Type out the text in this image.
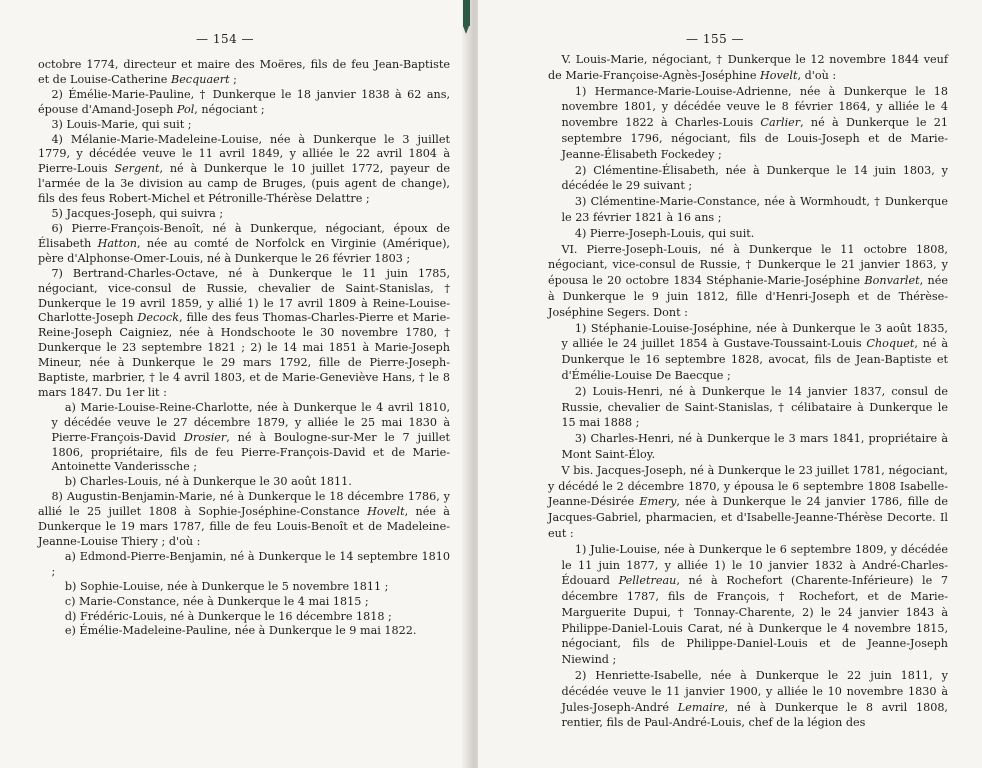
— 154 —

octobre 1774, directeur et maire des Moëres, fils de feu Jean-Baptiste et de Louise-Catherine Becquaert ;

2) Émélie-Marie-Pauline, † Dunkerque le 18 janvier 1838 à 62 ans, épouse d'Amand-Joseph Pol, négociant ;

3) Louis-Marie, qui suit ;

4) Mélanie-Marie-Madeleine-Louise, née à Dunkerque le 3 juillet 1779, y décédée veuve le 11 avril 1849, y alliée le 22 avril 1804 à Pierre-Louis Sergent, né à Dunkerque le 10 juillet 1772, payeur de l'armée de la 3e division au camp de Bruges, (puis agent de change), fils des feus Robert-Michel et Pétronille-Thérèse Delattre ;

5) Jacques-Joseph, qui suivra ;

6) Pierre-François-Benoît, né à Dunkerque, négociant, époux de Élisabeth Hatton, née au comté de Norfolck en Virginie (Amérique), père d'Alphonse-Omer-Louis, né à Dunkerque le 26 février 1803 ;

7) Bertrand-Charles-Octave, né à Dunkerque le 11 juin 1785, négociant, vice-consul de Russie, chevalier de Saint-Stanislas, † Dunkerque le 19 avril 1859, y allié 1) le 17 avril 1809 à Reine-Louise-Charlotte-Joseph Decock, fille des feus Thomas-Charles-Pierre et Marie-Reine-Joseph Caigniez, née à Hondschoote le 30 novembre 1780, † Dunkerque le 23 septembre 1821 ; 2) le 14 mai 1851 à Marie-Joseph Mineur, née à Dunkerque le 29 mars 1792, fille de Pierre-Joseph-Baptiste, marbrier, † le 4 avril 1803, et de Marie-Geneviève Hans, † le 8 mars 1847. Du 1er lit :

a) Marie-Louise-Reine-Charlotte, née à Dunkerque le 4 avril 1810, y décédée veuve le 27 décembre 1879, y alliée le 25 mai 1830 à Pierre-François-David Drosier, né à Boulogne-sur-Mer le 7 juillet 1806, propriétaire, fils de feu Pierre-François-David et de Marie-Antoinette Vanderissche ;

b) Charles-Louis, né à Dunkerque le 30 août 1811.

8) Augustin-Benjamin-Marie, né à Dunkerque le 18 décembre 1786, y allié le 25 juillet 1808 à Sophie-Joséphine-Constance Hovelt, née à Dunkerque le 19 mars 1787, fille de feu Louis-Benoît et de Madeleine-Jeanne-Louise Thiery ; d'où :

a) Edmond-Pierre-Benjamin, né à Dunkerque le 14 septembre 1810 ;

b) Sophie-Louise, née à Dunkerque le 5 novembre 1811 ;

c) Marie-Constance, née à Dunkerque le 4 mai 1815 ;

d) Frédéric-Louis, né à Dunkerque le 16 décembre 1818 ;

e) Émélie-Madeleine-Pauline, née à Dunkerque le 9 mai 1822.

— 155 —

V. Louis-Marie, négociant, † Dunkerque le 12 novembre 1844 veuf de Marie-Françoise-Agnès-Joséphine Hovelt, d'où :

1) Hermance-Marie-Louise-Adrienne, née à Dunkerque le 18 novembre 1801, y décédée veuve le 8 février 1864, y alliée le 4 novembre 1822 à Charles-Louis Carlier, né à Dunkerque le 21 septembre 1796, négociant, fils de Louis-Joseph et de Marie-Jeanne-Élisabeth Fockedey ;

2) Clémentine-Élisabeth, née à Dunkerque le 14 juin 1803, y décédée le 29 suivant ;

3) Clémentine-Marie-Constance, née à Wormhoudt, † Dunkerque le 23 février 1821 à 16 ans ;

4) Pierre-Joseph-Louis, qui suit.

VI. Pierre-Joseph-Louis, né à Dunkerque le 11 octobre 1808, négociant, vice-consul de Russie, † Dunkerque le 21 janvier 1863, y épousa le 20 octobre 1834 Stéphanie-Marie-Joséphine Bonvarlet, née à Dunkerque le 9 juin 1812, fille d'Henri-Joseph et de Thérèse-Joséphine Segers. Dont :

1) Stéphanie-Louise-Joséphine, née à Dunkerque le 3 août 1835, y alliée le 24 juillet 1854 à Gustave-Toussaint-Louis Choquet, né à Dunkerque le 16 septembre 1828, avocat, fils de Jean-Baptiste et d'Émélie-Louise De Baecque ;

2) Louis-Henri, né à Dunkerque le 14 janvier 1837, consul de Russie, chevalier de Saint-Stanislas, † célibataire à Dunkerque le 15 mai 1888 ;

3) Charles-Henri, né à Dunkerque le 3 mars 1841, propriétaire à Mont Saint-Éloy.

V bis. Jacques-Joseph, né à Dunkerque le 23 juillet 1781, négociant, y décédé le 2 décembre 1870, y épousa le 6 septembre 1808 Isabelle-Jeanne-Désirée Emery, née à Dunkerque le 24 janvier 1786, fille de Jacques-Gabriel, pharmacien, et d'Isabelle-Jeanne-Thérèse Decorte. Il eut :

1) Julie-Louise, née à Dunkerque le 6 septembre 1809, y décédée le 11 juin 1877, y alliée 1) le 10 janvier 1832 à André-Charles-Édouard Pelletreau, né à Rochefort (Charente-Inférieure) le 7 décembre 1787, fils de François, † Rochefort, et de Marie-Marguerite Dupui, † Tonnay-Charente, 2) le 24 janvier 1843 à Philippe-Daniel-Louis Carat, né à Dunkerque le 4 novembre 1815, négociant, fils de Philippe-Daniel-Louis et de Jeanne-Joseph Niewind ;

2) Henriette-Isabelle, née à Dunkerque le 22 juin 1811, y décédée veuve le 11 janvier 1900, y alliée le 10 novembre 1830 à Jules-Joseph-André Lemaire, né à Dunkerque le 8 avril 1808, rentier, fils de Paul-André-Louis, chef de la légion des
